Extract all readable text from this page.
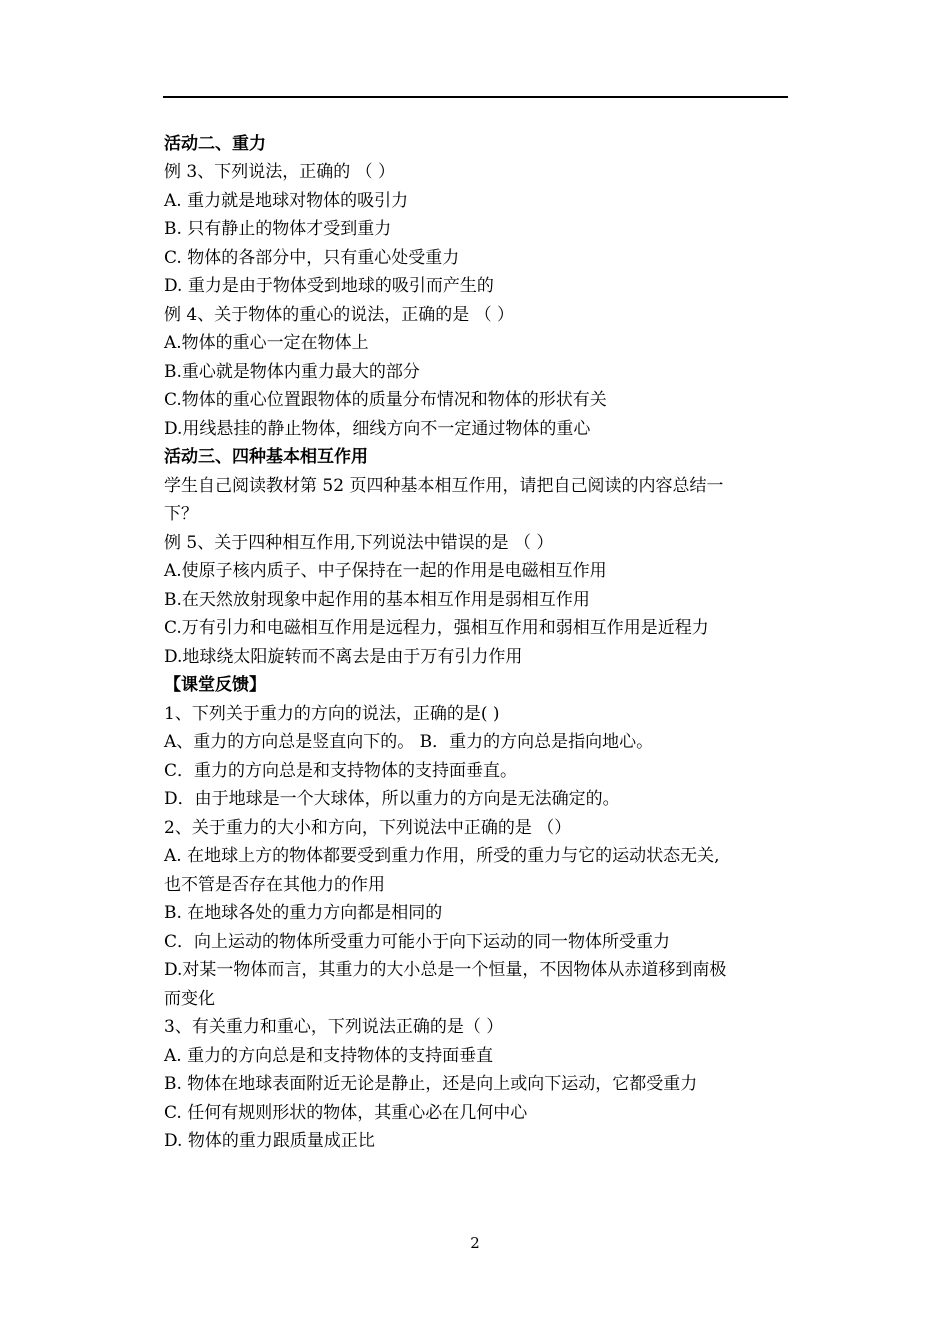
活动二、重力
例 3、下列说法，正确的 （ ）
A. 重力就是地球对物体的吸引力
B. 只有静止的物体才受到重力
C. 物体的各部分中，只有重心处受重力
D. 重力是由于物体受到地球的吸引而产生的
例 4、关于物体的重心的说法，正确的是 （ ）
A.物体的重心一定在物体上
B.重心就是物体内重力最大的部分
C.物体的重心位置跟物体的质量分布情况和物体的形状有关
D.用线悬挂的静止物体，细线方向不一定通过物体的重心
活动三、四种基本相互作用
学生自己阅读教材第 52 页四种基本相互作用，请把自己阅读的内容总结一
下？
例 5、关于四种相互作用,下列说法中错误的是 （ ）
A.使原子核内质子、中子保持在一起的作用是电磁相互作用
B.在天然放射现象中起作用的基本相互作用是弱相互作用
C.万有引力和电磁相互作用是远程力，强相互作用和弱相互作用是近程力
D.地球绕太阳旋转而不离去是由于万有引力作用
【课堂反馈】
1、下列关于重力的方向的说法，正确的是( )
A、重力的方向总是竖直向下的。 B．重力的方向总是指向地心。
C．重力的方向总是和支持物体的支持面垂直。
D．由于地球是一个大球体，所以重力的方向是无法确定的。
2、关于重力的大小和方向，下列说法中正确的是 （）
A. 在地球上方的物体都要受到重力作用，所受的重力与它的运动状态无关,
也不管是否存在其他力的作用
B. 在地球各处的重力方向都是相同的
C．向上运动的物体所受重力可能小于向下运动的同一物体所受重力
D.对某一物体而言，其重力的大小总是一个恒量，不因物体从赤道移到南极
而变化
3、有关重力和重心，下列说法正确的是（ ）
A. 重力的方向总是和支持物体的支持面垂直
B. 物体在地球表面附近无论是静止，还是向上或向下运动，它都受重力
C. 任何有规则形状的物体，其重心必在几何中心
D. 物体的重力跟质量成正比
2
